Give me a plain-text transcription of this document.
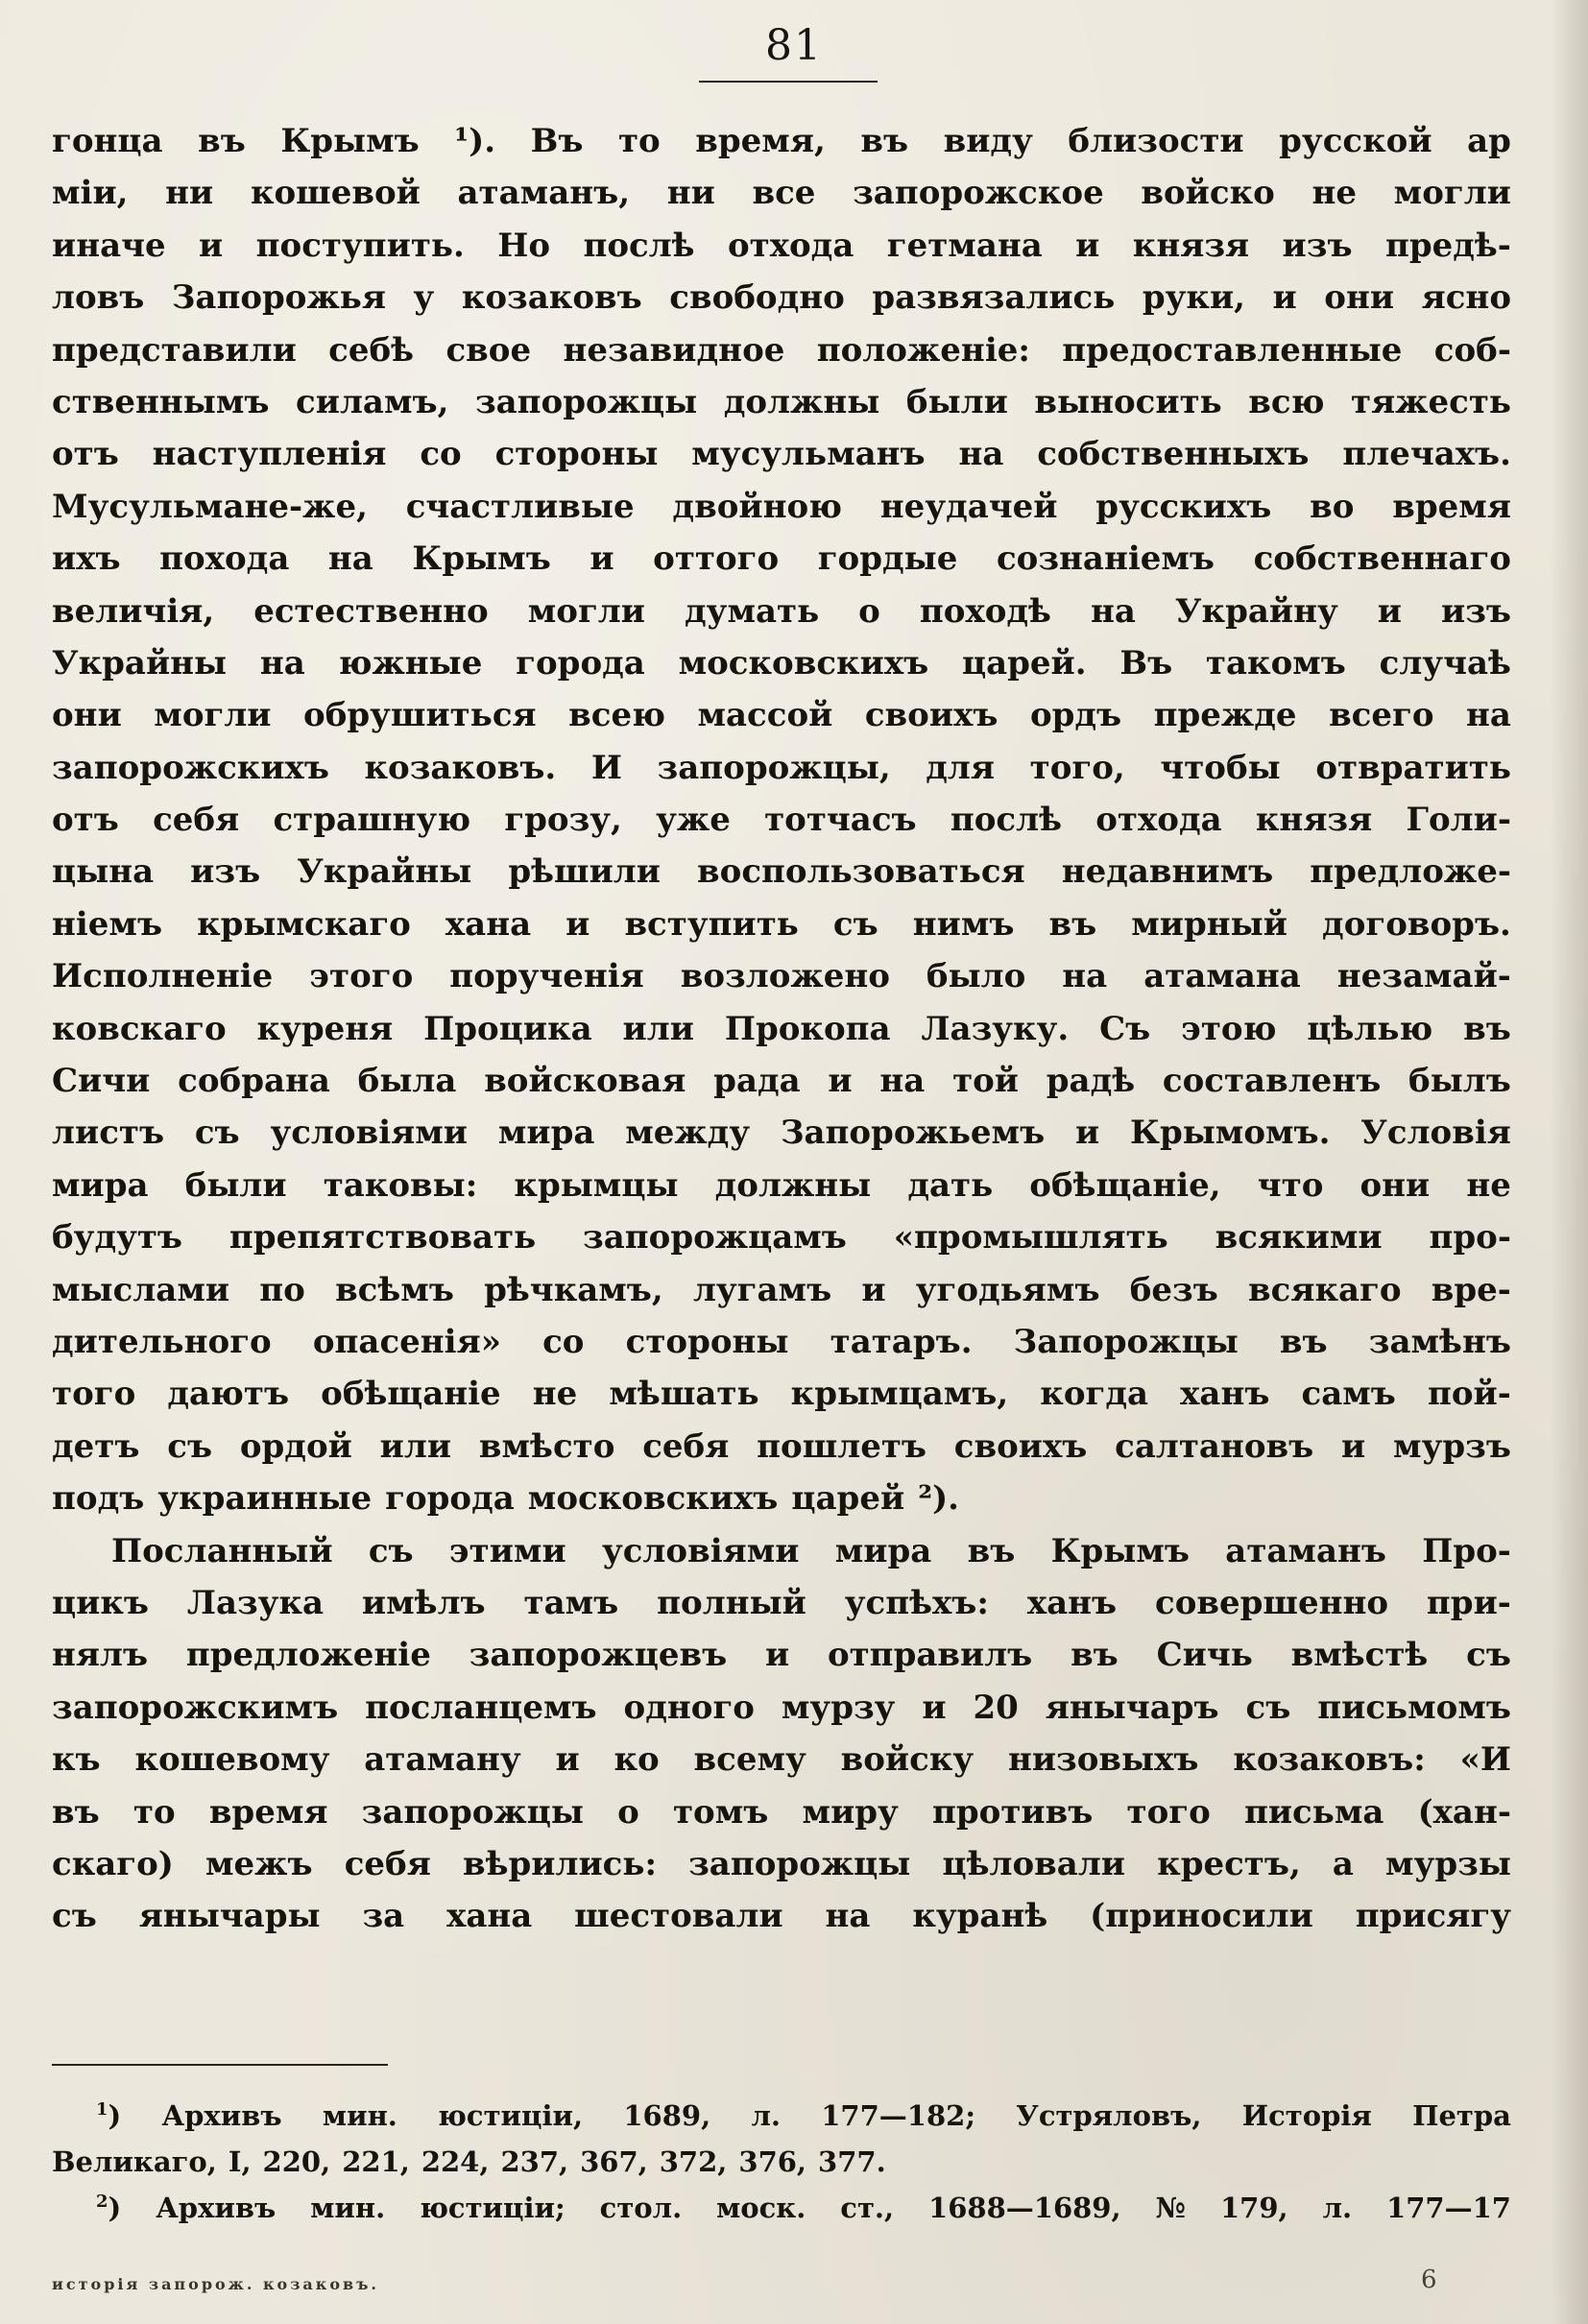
81
гонца въ Крымъ ¹). Въ то время, въ виду близости русской ар
міи, ни кошевой атаманъ, ни все запорожское войско не могли
иначе и поступить. Но послѣ отхода гетмана и князя изъ предѣ-
ловъ Запорожья у козаковъ свободно развязались руки, и они ясно
представили себѣ свое незавидное положеніе: предоставленные соб-
ственнымъ силамъ, запорожцы должны были выносить всю тяжесть
отъ наступленія со стороны мусульманъ на собственныхъ плечахъ.
Мусульмане-же, счастливые двойною неудачей русскихъ во время
ихъ похода на Крымъ и оттого гордые сознаніемъ собственнаго
величія, естественно могли думать о походѣ на Украйну и изъ
Украйны на южные города московскихъ царей. Въ такомъ случаѣ
они могли обрушиться всею массой своихъ ордъ прежде всего на
запорожскихъ козаковъ. И запорожцы, для того, чтобы отвратить
отъ себя страшную грозу, уже тотчасъ послѣ отхода князя Голи-
цына изъ Украйны рѣшили воспользоваться недавнимъ предложе-
ніемъ крымскаго хана и вступить съ нимъ въ мирный договоръ.
Исполненіе этого порученія возложено было на атамана незамай-
ковскаго куреня Процика или Прокопа Лазуку. Съ этою цѣлью въ
Сичи собрана была войсковая рада и на той радѣ составленъ былъ
листъ съ условіями мира между Запорожьемъ и Крымомъ. Условія
мира были таковы: крымцы должны дать обѣщаніе, что они не
будутъ препятствовать запорожцамъ «промышлять всякими про-
мыслами по всѣмъ рѣчкамъ, лугамъ и угодьямъ безъ всякаго вре-
дительного опасенія» со стороны татаръ. Запорожцы въ замѣнъ
того даютъ обѣщаніе не мѣшать крымцамъ, когда ханъ самъ пой-
детъ съ ордой или вмѣсто себя пошлетъ своихъ салтановъ и мурзъ
подъ украинные города московскихъ царей ²).
Посланный съ этими условіями мира въ Крымъ атаманъ Про-
цикъ Лазука имѣлъ тамъ полный успѣхъ: ханъ совершенно при-
нялъ предложеніе запорожцевъ и отправилъ въ Сичь вмѣстѣ съ
запорожскимъ посланцемъ одного мурзу и 20 янычаръ съ письмомъ
къ кошевому атаману и ко всему войску низовыхъ козаковъ: «И
въ то время запорожцы о томъ миру противъ того письма (хан-
скаго) межъ себя вѣрились: запорожцы цѣловали крестъ, а мурзы
съ янычары за хана шестовали на куранѣ (приносили присягу
$^1$) Архивъ мин. юстиціи, 1689, л. 177—182; Устряловъ, Исторія Петра
Великаго, I, 220, 221, 224, 237, 367, 372, 376, 377.
$^2$) Архивъ мин. юстиціи; стол. моск. ст., 1688—1689, № 179, л. 177—17
исторія запорож. козаковъ.	6
